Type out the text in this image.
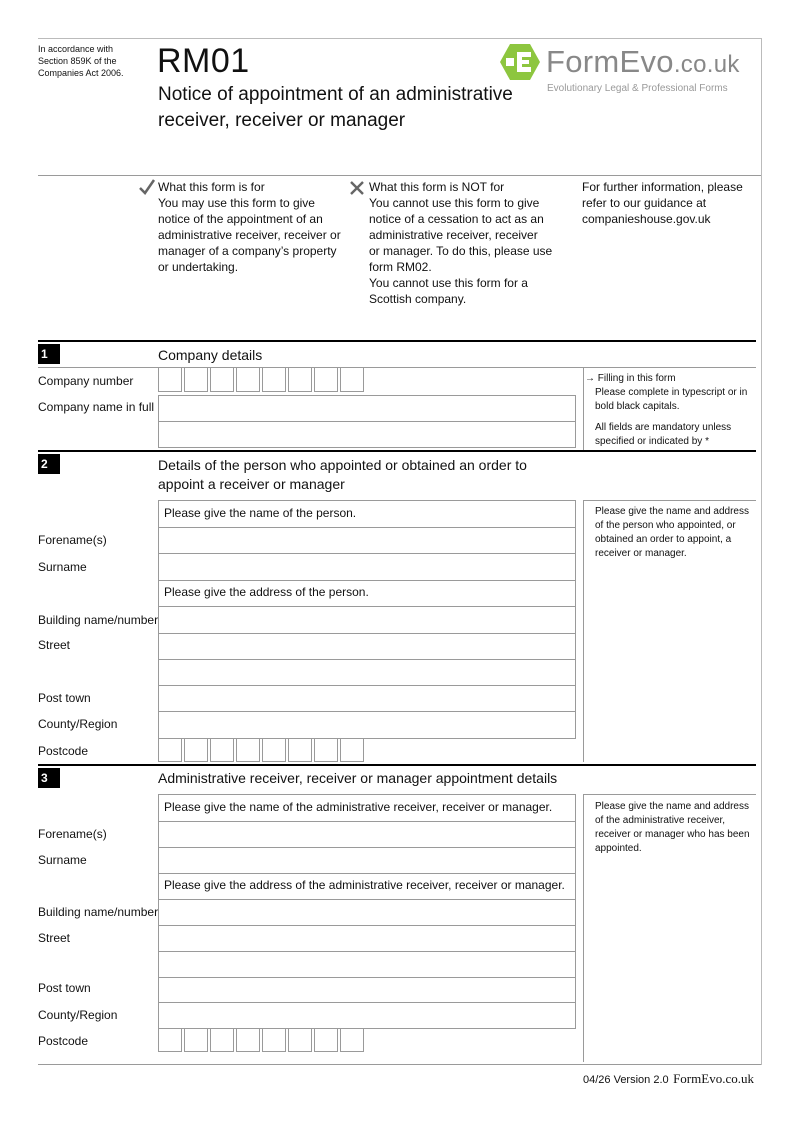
In accordance with
Section 859K of the
Companies Act 2006. RM01
Notice of appointment of an administrative
receiver, receiver or manager
FormEvo.co.uk
Evolutionary Legal & Professional Forms
What this form is for
You may use this form to give
notice of the appointment of an
administrative receiver, receiver or
manager of a company’s property
or undertaking.
What this form is NOT for
You cannot use this form to give
notice of a cessation to act as an
administrative receiver, receiver
or manager. To do this, please use
form RM02.
You cannot use this form for a
Scottish company.
For further information, please
refer to our guidance at
companieshouse.gov.uk
1	Company details
Company number
Company name in full
→ Filling in this form
Please complete in typescript or in
bold black capitals.
All fields are mandatory unless
specified or indicated by *
2	Details of the person who appointed or obtained an order to
appoint a receiver or manager
Please give the name of the person.
Forename(s)
Surname
Please give the address of the person.
Building name/number
Street
Post town
County/Region
Postcode
Please give the name and address
of the person who appointed, or
obtained an order to appoint, a
receiver or manager.
3	Administrative receiver, receiver or manager appointment details
Please give the name of the administrative receiver, receiver or manager.
Forename(s)
Surname
Please give the address of the administrative receiver, receiver or manager.
Building name/number
Street
Post town
County/Region
Postcode
Please give the name and address
of the administrative receiver,
receiver or manager who has been
appointed.
04/26 Version 2.0 FormEvo.co.uk
